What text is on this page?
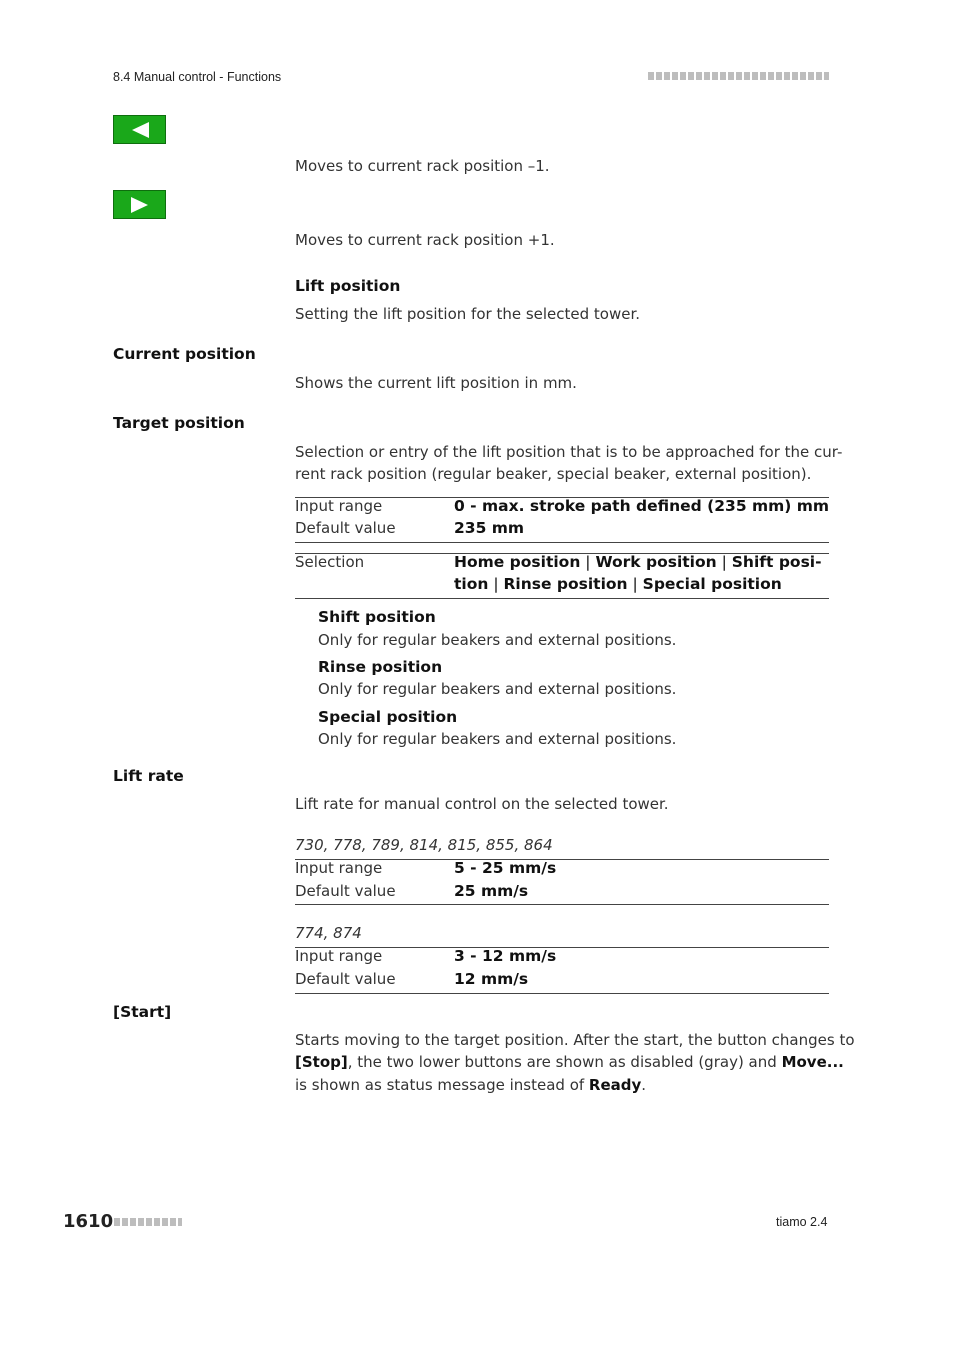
8.4 Manual control - Functions
Moves to current rack position –1.
Moves to current rack position +1.
Lift position
Setting the lift position for the selected tower.
Current position
Shows the current lift position in mm.
Target position
Selection or entry of the lift position that is to be approached for the cur-
rent rack position (regular beaker, special beaker, external position).
Input range	0 - max. stroke path defined (235 mm) mm
Default value	235 mm
Selection	Home position | Work position | Shift posi-
tion | Rinse position | Special position
Shift position
Only for regular beakers and external positions.
Rinse position
Only for regular beakers and external positions.
Special position
Only for regular beakers and external positions.
Lift rate
Lift rate for manual control on the selected tower.
730, 778, 789, 814, 815, 855, 864
Input range	5 - 25 mm/s
Default value	25 mm/s
774, 874
Input range	3 - 12 mm/s
Default value	12 mm/s
[Start]
Starts moving to the target position. After the start, the button changes to
[Stop], the two lower buttons are shown as disabled (gray) and Move...
is shown as status message instead of Ready.
1610	tiamo 2.4
